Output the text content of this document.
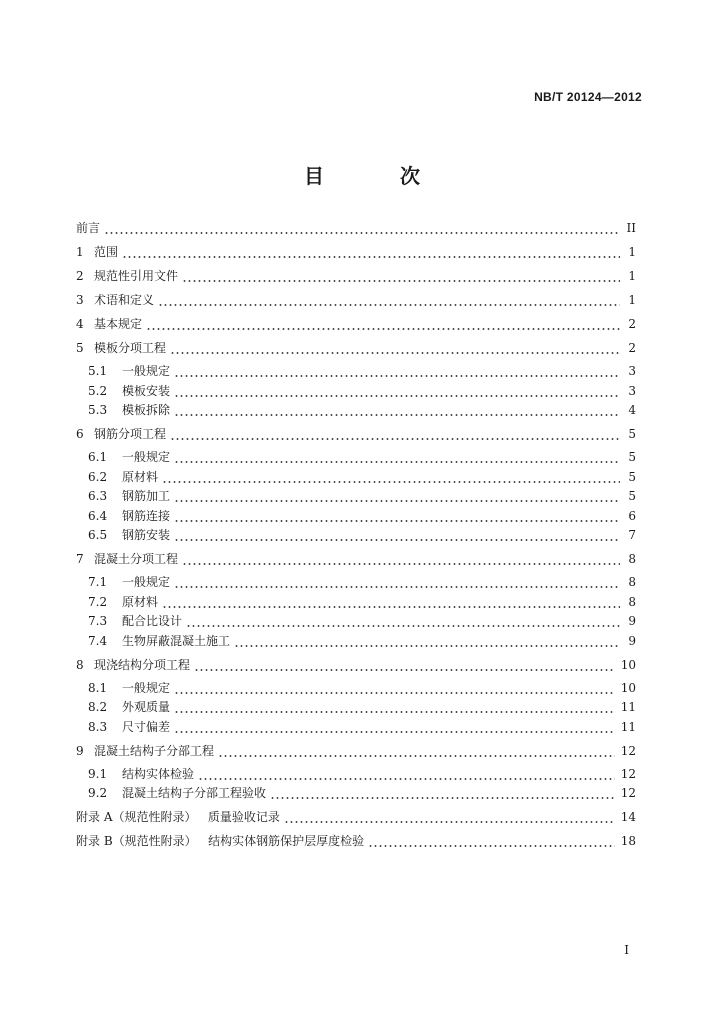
NB/T 20124—2012
目　次
前言	II
1 范围	1
2 规范性引用文件	1
3 术语和定义	1
4 基本规定	2
5 模板分项工程	2
5.1	一般规定	3
5.2	模板安装	3
5.3	模板拆除	4
6 钢筋分项工程	5
6.1	一般规定	5
6.2	原材料	5
6.3	钢筋加工	5
6.4	钢筋连接	6
6.5	钢筋安装	7
7 混凝土分项工程	8
7.1	一般规定	8
7.2	原材料	8
7.3	配合比设计	9
7.4	生物屏蔽混凝土施工	9
8 现浇结构分项工程	10
8.1	一般规定	10
8.2	外观质量	11
8.3	尺寸偏差	11
9 混凝土结构子分部工程	12
9.1	结构实体检验	12
9.2	混凝土结构子分部工程验收	12
附录 A（规范性附录）   质量验收记录	14
附录 B（规范性附录）   结构实体钢筋保护层厚度检验	18
I
